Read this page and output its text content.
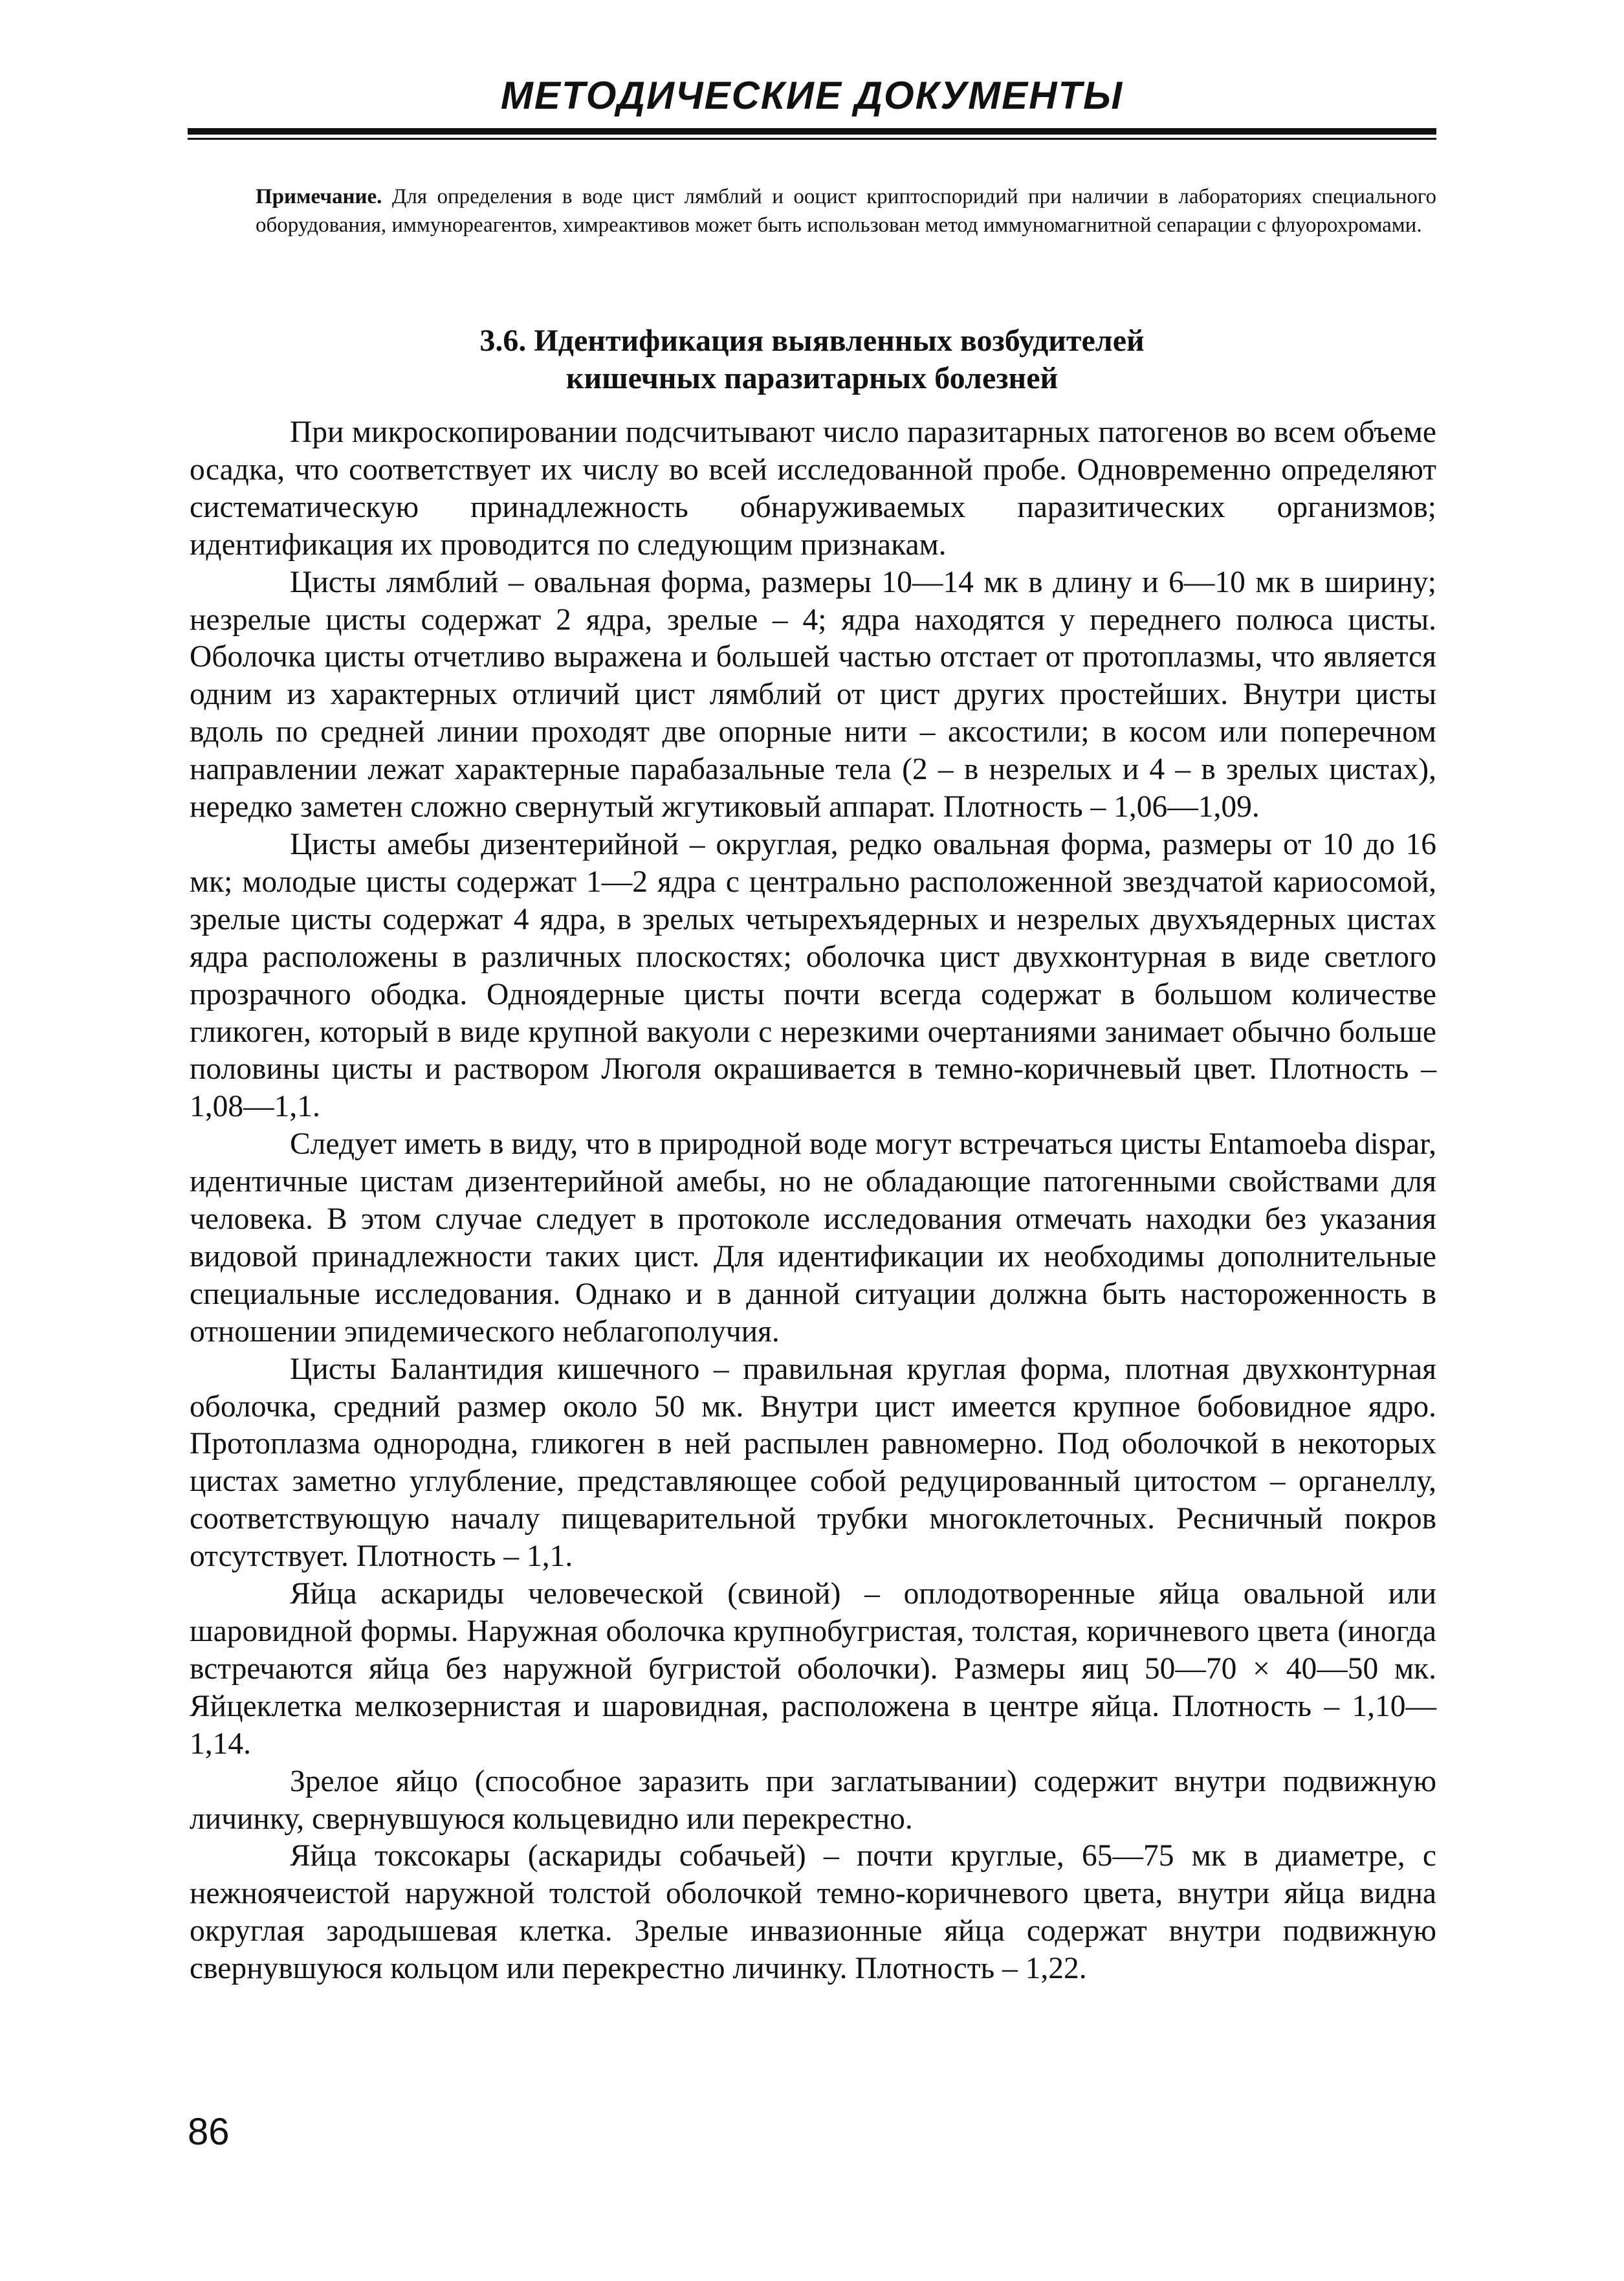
МЕТОДИЧЕСКИЕ ДОКУМЕНТЫ
Примечание. Для определения в воде цист лямблий и ооцист криптоспоридий при наличии в лабораториях специального оборудования, иммунореагентов, химреактивов может быть использован метод иммуномагнитной сепарации с флуорохромами.
3.6. Идентификация выявленных возбудителей
кишечных паразитарных болезней

При микроскопировании подсчитывают число паразитарных патогенов во всем объеме осадка, что соответствует их числу во всей исследованной пробе. Одновременно определяют систематическую принадлежность обнаруживаемых паразитических организмов; идентификация их проводится по следующим признакам.

Цисты лямблий – овальная форма, размеры 10—14 мк в длину и 6—10 мк в ширину; незрелые цисты содержат 2 ядра, зрелые – 4; ядра находятся у переднего полюса цисты. Оболочка цисты отчетливо выражена и большей частью отстает от протоплазмы, что является одним из характерных отличий цист лямблий от цист других простейших. Внутри цисты вдоль по средней линии проходят две опорные нити – аксостили; в косом или поперечном направлении лежат характерные парабазальные тела (2 – в незрелых и 4 – в зрелых цистах), нередко заметен сложно свернутый жгутиковый аппарат. Плотность – 1,06—1,09.

Цисты амебы дизентерийной – округлая, редко овальная форма, размеры от 10 до 16 мк; молодые цисты содержат 1—2 ядра с центрально расположенной звездчатой кариосомой, зрелые цисты содержат 4 ядра, в зрелых четырехъядерных и незрелых двухъядерных цистах ядра расположены в различных плоскостях; оболочка цист двухконтурная в виде светлого прозрачного ободка. Одноядерные цисты почти всегда содержат в большом количестве гликоген, который в виде крупной вакуоли с нерезкими очертаниями занимает обычно больше половины цисты и раствором Люголя окрашивается в темно-коричневый цвет. Плотность – 1,08—1,1.

Следует иметь в виду, что в природной воде могут встречаться цисты Entamoeba dispar, идентичные цистам дизентерийной амебы, но не обладающие патогенными свойствами для человека. В этом случае следует в протоколе исследования отмечать находки без указания видовой принадлежности таких цист. Для идентификации их необходимы дополнительные специальные исследования. Однако и в данной ситуации должна быть настороженность в отношении эпидемического неблагополучия.

Цисты Балантидия кишечного – правильная круглая форма, плотная двухконтурная оболочка, средний размер около 50 мк. Внутри цист имеется крупное бобовидное ядро. Протоплазма однородна, гликоген в ней распылен равномерно. Под оболочкой в некоторых цистах заметно углубление, представляющее собой редуцированный цитостом – органеллу, соответствующую началу пищеварительной трубки многоклеточных. Ресничный покров отсутствует. Плотность – 1,1.

Яйца аскариды человеческой (свиной) – оплодотворенные яйца овальной или шаровидной формы. Наружная оболочка крупнобугристая, толстая, коричневого цвета (иногда встречаются яйца без наружной бугристой оболочки). Размеры яиц 50—70 × 40—50 мк. Яйцеклетка мелкозернистая и шаровидная, расположена в центре яйца. Плотность – 1,10—1,14.

Зрелое яйцо (способное заразить при заглатывании) содержит внутри подвижную личинку, свернувшуюся кольцевидно или перекрестно.

Яйца токсокары (аскариды собачьей) – почти круглые, 65—75 мк в диаметре, с нежноячеистой наружной толстой оболочкой темно-коричневого цвета, внутри яйца видна округлая зародышевая клетка. Зрелые инвазионные яйца содержат внутри подвижную свернувшуюся кольцом или перекрестно личинку. Плотность – 1,22.

86
